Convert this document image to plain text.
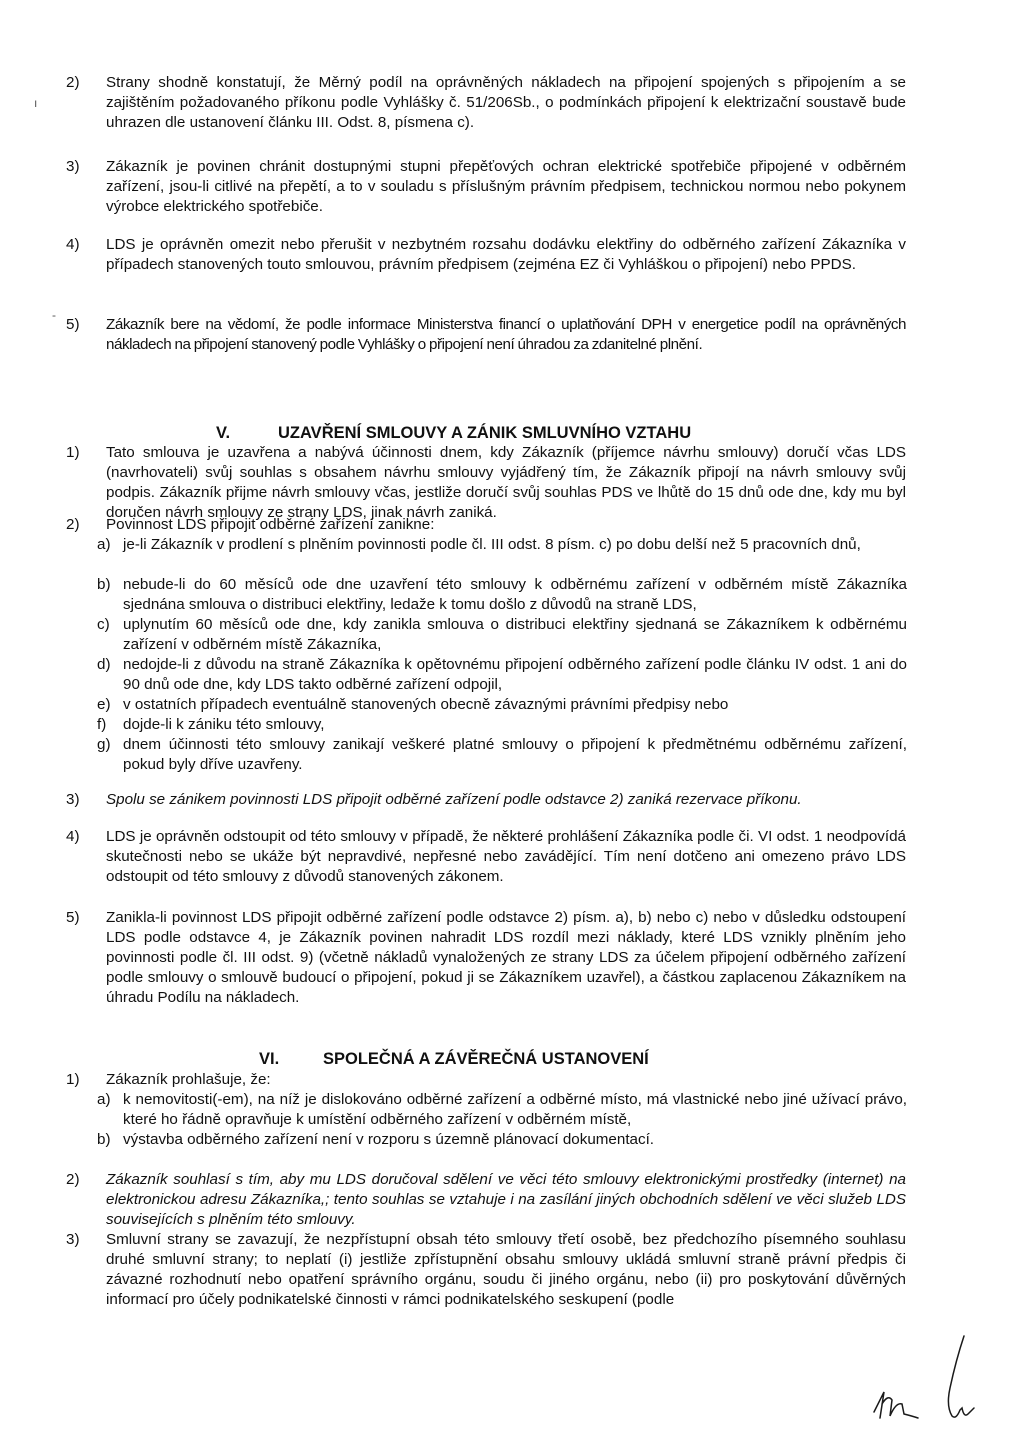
ı
-
2) Strany shodně konstatují, že Měrný podíl na oprávněných nákladech na připojení spojených s připojením a se zajištěním požadovaného příkonu podle Vyhlášky č. 51/206Sb., o podmínkách připojení k elektrizační soustavě bude uhrazen dle ustanovení článku III. Odst. 8, písmena c).
3) Zákazník je povinen chránit dostupnými stupni přepěťových ochran elektrické spotřebiče připojené v odběrném zařízení, jsou-li citlivé na přepětí, a to v souladu s příslušným právním předpisem, technickou normou nebo pokynem výrobce elektrického spotřebiče.
4) LDS je oprávněn omezit nebo přerušit v nezbytném rozsahu dodávku elektřiny do odběrného zařízení Zákazníka v případech stanovených touto smlouvou, právním předpisem (zejména EZ či Vyhláškou o připojení) nebo PPDS.
5) Zákazník bere na vědomí, že podle informace Ministerstva financí o uplatňování DPH v energetice podíl na oprávněných nákladech na připojení stanovený podle Vyhlášky o připojení není úhradou za zdanitelné plnění.
V.	UZAVŘENÍ SMLOUVY A ZÁNIK SMLUVNÍHO VZTAHU
1) Tato smlouva je uzavřena a nabývá účinnosti dnem, kdy Zákazník (příjemce návrhu smlouvy) doručí včas LDS (navrhovateli) svůj souhlas s obsahem návrhu smlouvy vyjádřený tím, že Zákazník připojí na návrh smlouvy svůj podpis. Zákazník přijme návrh smlouvy včas, jestliže doručí svůj souhlas PDS ve lhůtě do 15 dnů ode dne, kdy mu byl doručen návrh smlouvy ze strany LDS, jinak návrh zaniká.
2) Povinnost LDS připojit odběrné zařízení zanikne:
a) je-li Zákazník v prodlení s plněním povinnosti podle čl. III odst. 8 písm. c) po dobu delší než 5 pracovních dnů,
b) nebude-li do 60 měsíců ode dne uzavření této smlouvy k odběrnému zařízení v odběrném místě Zákazníka sjednána smlouva o distribuci elektřiny, ledaže k tomu došlo z důvodů na straně LDS,
c) uplynutím 60 měsíců ode dne, kdy zanikla smlouva o distribuci elektřiny sjednaná se Zákazníkem k odběrnému zařízení v odběrném místě Zákazníka,
d) nedojde-li z důvodu na straně Zákazníka k opětovnému připojení odběrného zařízení podle článku IV odst. 1 ani do 90 dnů ode dne, kdy LDS takto odběrné zařízení odpojil,
e) v ostatních případech eventuálně stanovených obecně závaznými právními předpisy nebo
f) dojde-li k zániku této smlouvy,
g) dnem účinnosti této smlouvy zanikají veškeré platné smlouvy o připojení k předmětnému odběrnému zařízení, pokud byly dříve uzavřeny.
3) Spolu se zánikem povinnosti LDS připojit odběrné zařízení podle odstavce 2) zaniká rezervace příkonu.
4) LDS je oprávněn odstoupit od této smlouvy v případě, že některé prohlášení Zákazníka podle či. VI odst. 1 neodpovídá skutečnosti nebo se ukáže být nepravdivé, nepřesné nebo zavádějící. Tím není dotčeno ani omezeno právo LDS odstoupit od této smlouvy z důvodů stanovených zákonem.
5) Zanikla-li povinnost LDS připojit odběrné zařízení podle odstavce 2) písm. a), b) nebo c) nebo v důsledku odstoupení LDS podle odstavce 4, je Zákazník povinen nahradit LDS rozdíl mezi náklady, které LDS vznikly plněním jeho povinnosti podle čl. III odst. 9) (včetně nákladů vynaložených ze strany LDS za účelem připojení odběrného zařízení podle smlouvy o smlouvě budoucí o připojení, pokud ji se Zákazníkem uzavřel), a částkou zaplacenou Zákazníkem na úhradu Podílu na nákladech.
VI.	SPOLEČNÁ A ZÁVĚREČNÁ USTANOVENÍ
1) Zákazník prohlašuje, že:
a) k nemovitosti(-em), na níž je dislokováno odběrné zařízení a odběrné místo, má vlastnické nebo jiné užívací právo, které ho řádně opravňuje k umístění odběrného zařízení v odběrném místě,
b) výstavba odběrného zařízení není v rozporu s územně plánovací dokumentací.
2) Zákazník souhlasí s tím, aby mu LDS doručoval sdělení ve věci této smlouvy elektronickými prostředky (internet) na elektronickou adresu Zákazníka,; tento souhlas se vztahuje i na zasílání jiných obchodních sdělení ve věci služeb LDS souvisejících s plněním této smlouvy.
3) Smluvní strany se zavazují, že nezpřístupní obsah této smlouvy třetí osobě, bez předchozího písemného souhlasu druhé smluvní strany; to neplatí (i) jestliže zpřístupnění obsahu smlouvy ukládá smluvní straně právní předpis či závazné rozhodnutí nebo opatření správního orgánu, soudu či jiného orgánu, nebo (ii) pro poskytování důvěrných informací pro účely podnikatelské činnosti v rámci podnikatelského seskupení (podle
